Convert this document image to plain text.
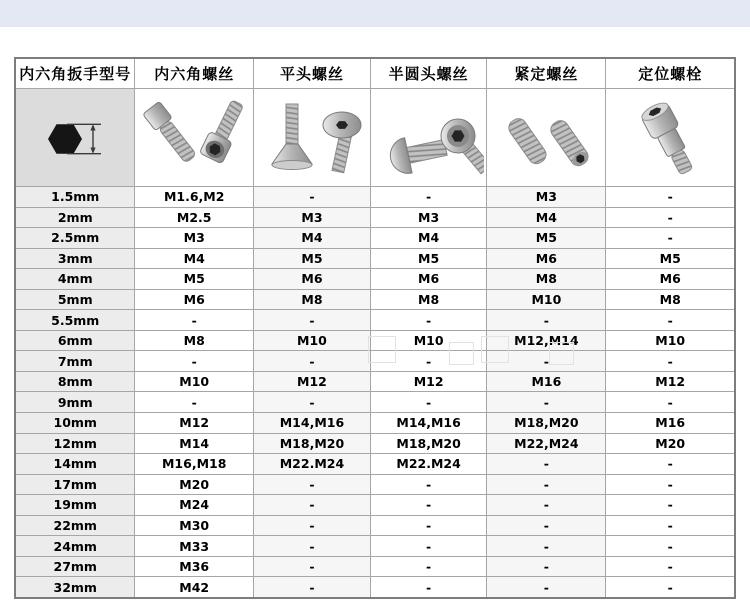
内六角扳手型号	内六角螺丝	平头螺丝	半圆头螺丝	紧定螺丝	定位螺栓
1.5mm	M1.6,M2	-	-	M3	-
2mm	M2.5	M3	M3	M4	-
2.5mm	M3	M4	M4	M5	-
3mm	M4	M5	M5	M6	M5
4mm	M5	M6	M6	M8	M6
5mm	M6	M8	M8	M10	M8
5.5mm	-	-	-	-	-
6mm	M8	M10	M10	M12,M14	M10
7mm	-	-	-	-	-
8mm	M10	M12	M12	M16	M12
9mm	-	-	-	-	-
10mm	M12	M14,M16	M14,M16	M18,M20	M16
12mm	M14	M18,M20	M18,M20	M22,M24	M20
14mm	M16,M18	M22.M24	M22.M24	-	-
17mm	M20	-	-	-	-
19mm	M24	-	-	-	-
22mm	M30	-	-	-	-
24mm	M33	-	-	-	-
27mm	M36	-	-	-	-
32mm	M42	-	-	-	-
